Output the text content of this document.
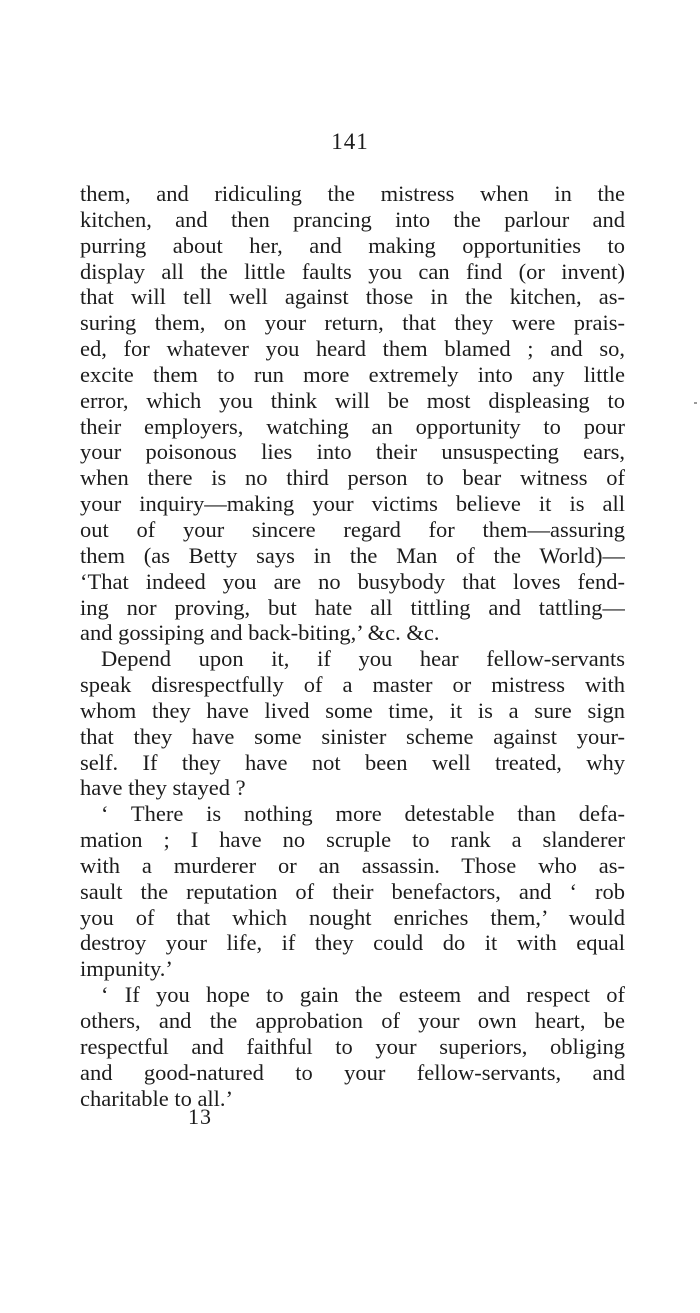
141
them, and ridiculing the mistress when in the
kitchen, and then prancing into the parlour and
purring about her, and making opportunities to
display all the little faults you can find (or invent)
that will tell well against those in the kitchen, as-
suring them, on your return, that they were prais-
ed, for whatever you heard them blamed ; and so,
excite them to run more extremely into any little
error, which you think will be most displeasing to
their employers, watching an opportunity to pour
your poisonous lies into their unsuspecting ears,
when there is no third person to bear witness of
your inquiry—making your victims believe it is all
out of your sincere regard for them—assuring
them (as Betty says in the Man of the World)—
‘That indeed you are no busybody that loves fend-
ing nor proving, but hate all tittling and tattling—
and gossiping and back-biting,’ &c. &c.
Depend upon it, if you hear fellow-servants
speak disrespectfully of a master or mistress with
whom they have lived some time, it is a sure sign
that they have some sinister scheme against your-
self. If they have not been well treated, why
have they stayed ?
‘ There is nothing more detestable than defa-
mation ; I have no scruple to rank a slanderer
with a murderer or an assassin. Those who as-
sault the reputation of their benefactors, and ‘ rob
you of that which nought enriches them,’ would
destroy your life, if they could do it with equal
impunity.’
‘ If you hope to gain the esteem and respect of
others, and the approbation of your own heart, be
respectful and faithful to your superiors, obliging
and good-natured to your fellow-servants, and
charitable to all.’
13
